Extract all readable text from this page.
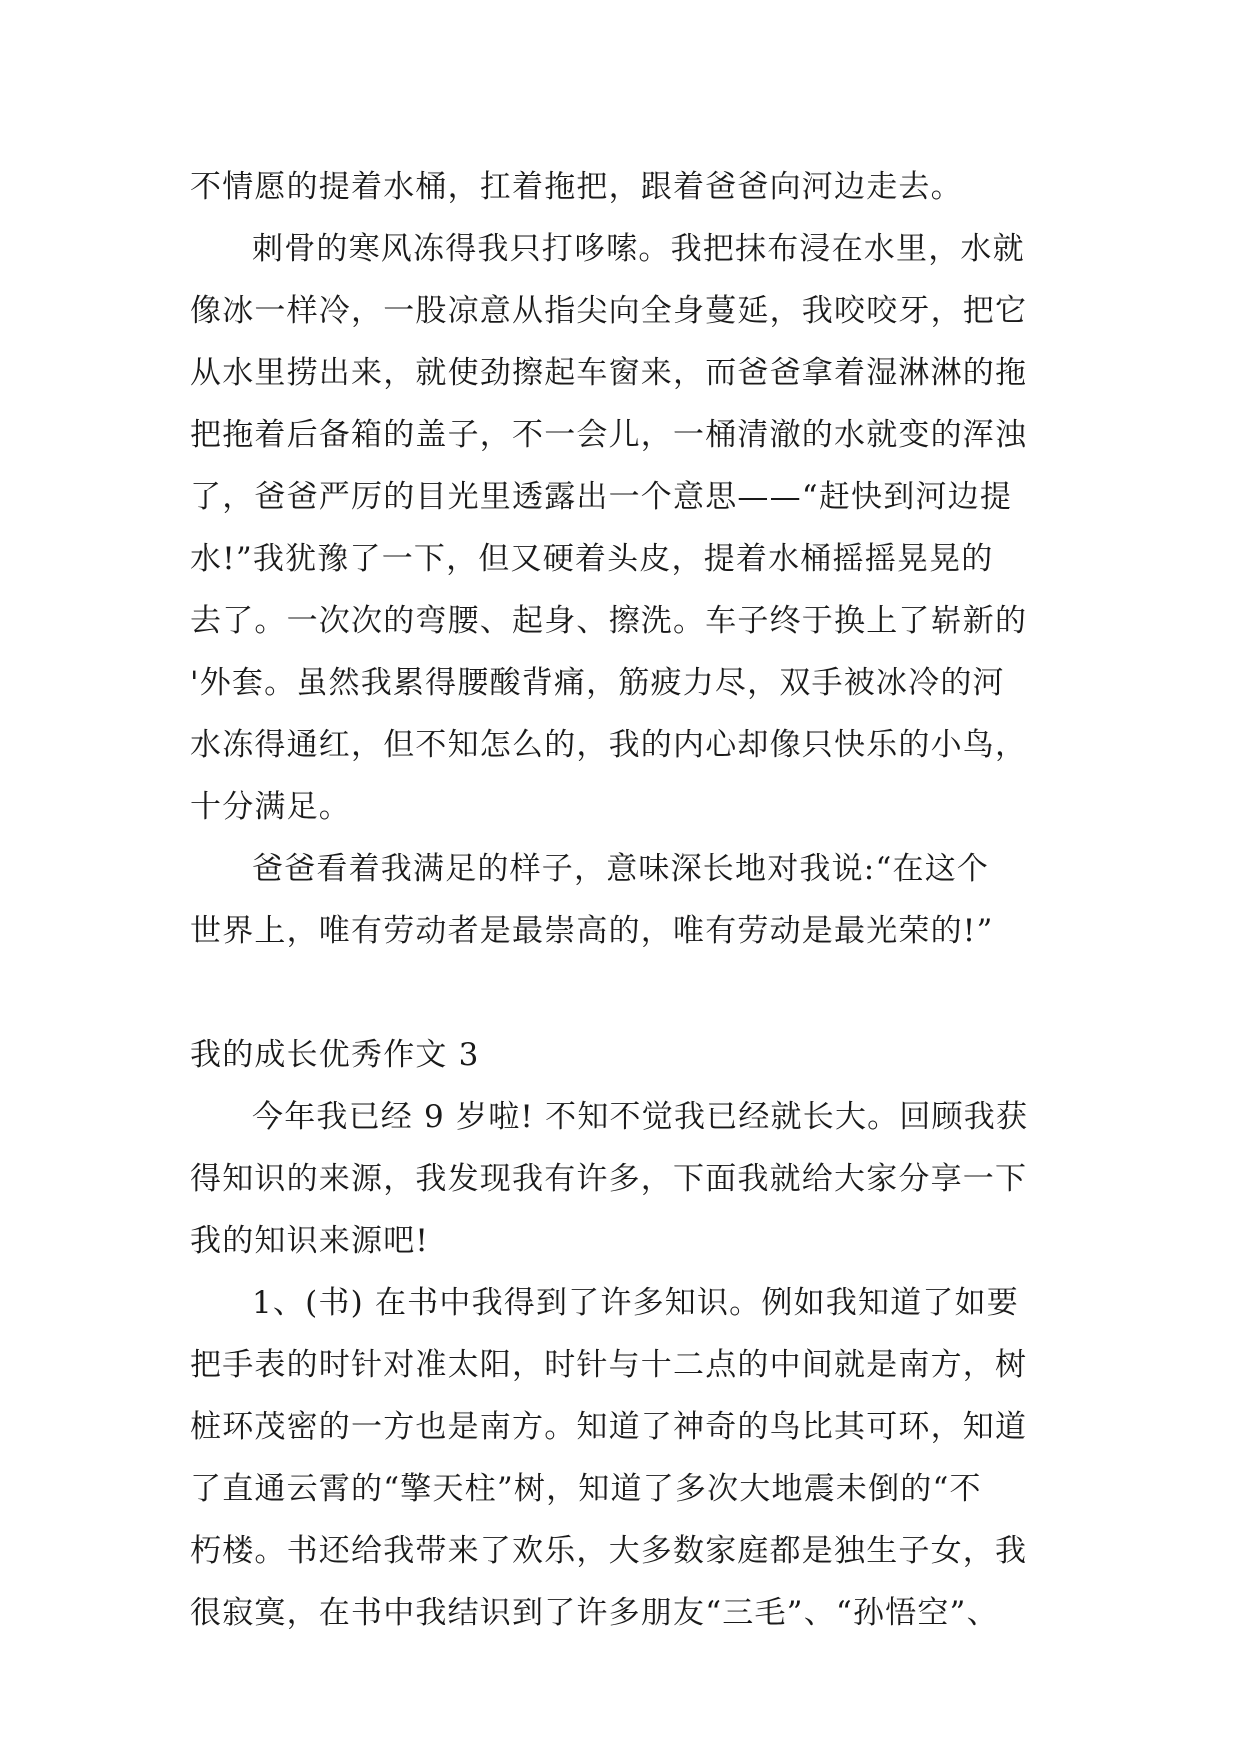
不情愿的提着水桶，扛着拖把，跟着爸爸向河边走去。
刺骨的寒风冻得我只打哆嗦。我把抹布浸在水里，水就
像冰一样冷，一股凉意从指尖向全身蔓延，我咬咬牙，把它
从水里捞出来，就使劲擦起车窗来，而爸爸拿着湿淋淋的拖
把拖着后备箱的盖子，不一会儿，一桶清澈的水就变的浑浊
了，爸爸严厉的目光里透露出一个意思——“赶快到河边提
水!”我犹豫了一下，但又硬着头皮，提着水桶摇摇晃晃的
去了。一次次的弯腰、起身、擦洗。车子终于换上了崭新的
'外套。虽然我累得腰酸背痛，筋疲力尽，双手被冰冷的河
水冻得通红，但不知怎么的，我的内心却像只快乐的小鸟，
十分满足。
爸爸看着我满足的样子，意味深长地对我说:“在这个
世界上，唯有劳动者是最崇高的，唯有劳动是最光荣的!”
我的成长优秀作文 3
今年我已经 9 岁啦! 不知不觉我已经就长大。回顾我获
得知识的来源，我发现我有许多，下面我就给大家分享一下
我的知识来源吧!
1、(书) 在书中我得到了许多知识。例如我知道了如要
把手表的时针对准太阳，时针与十二点的中间就是南方，树
桩环茂密的一方也是南方。知道了神奇的鸟比其可环，知道
了直通云霄的“擎天柱”树，知道了多次大地震未倒的“不
朽楼。书还给我带来了欢乐，大多数家庭都是独生子女，我
很寂寞，在书中我结识到了许多朋友“三毛”、“孙悟空”、
